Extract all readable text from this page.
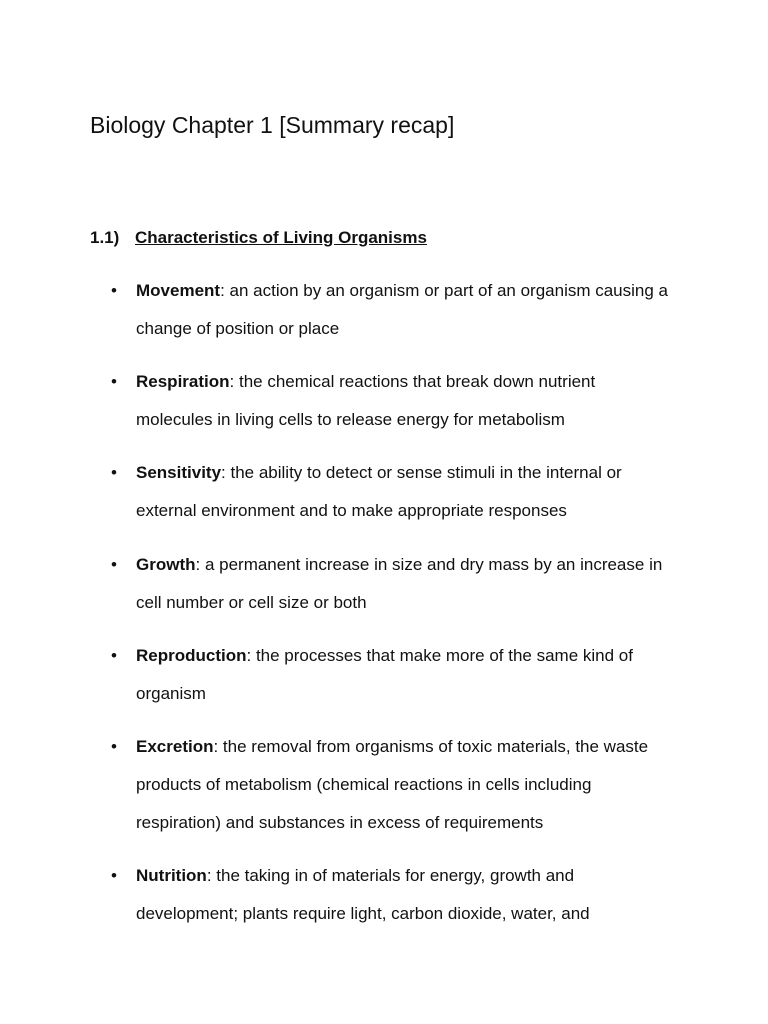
Biology Chapter 1 [Summary recap]
1.1) Characteristics of Living Organisms
•	Movement: an action by an organism or part of an organism causing a change of position or place
•	Respiration: the chemical reactions that break down nutrient molecules in living cells to release energy for metabolism
•	Sensitivity: the ability to detect or sense stimuli in the internal or external environment and to make appropriate responses
•	Growth: a permanent increase in size and dry mass by an increase in cell number or cell size or both
•	Reproduction: the processes that make more of the same kind of organism
•	Excretion: the removal from organisms of toxic materials, the waste products of metabolism (chemical reactions in cells including respiration) and substances in excess of requirements
•	Nutrition: the taking in of materials for energy, growth and development; plants require light, carbon dioxide, water, and
